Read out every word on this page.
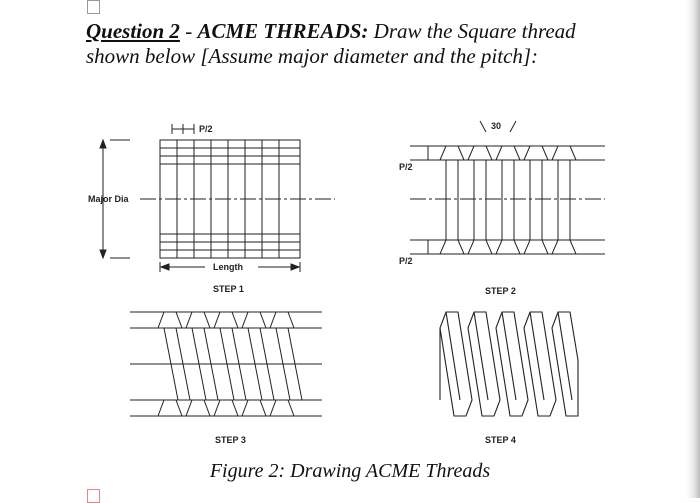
Question 2 - ACME THREADS: Draw the Square thread
shown below [Assume major diameter and the pitch]:
P/2
Major Dia
Length
STEP 1
P/2
P/2
30
STEP 2
STEP 3	STEP 4
Figure 2: Drawing ACME Threads
